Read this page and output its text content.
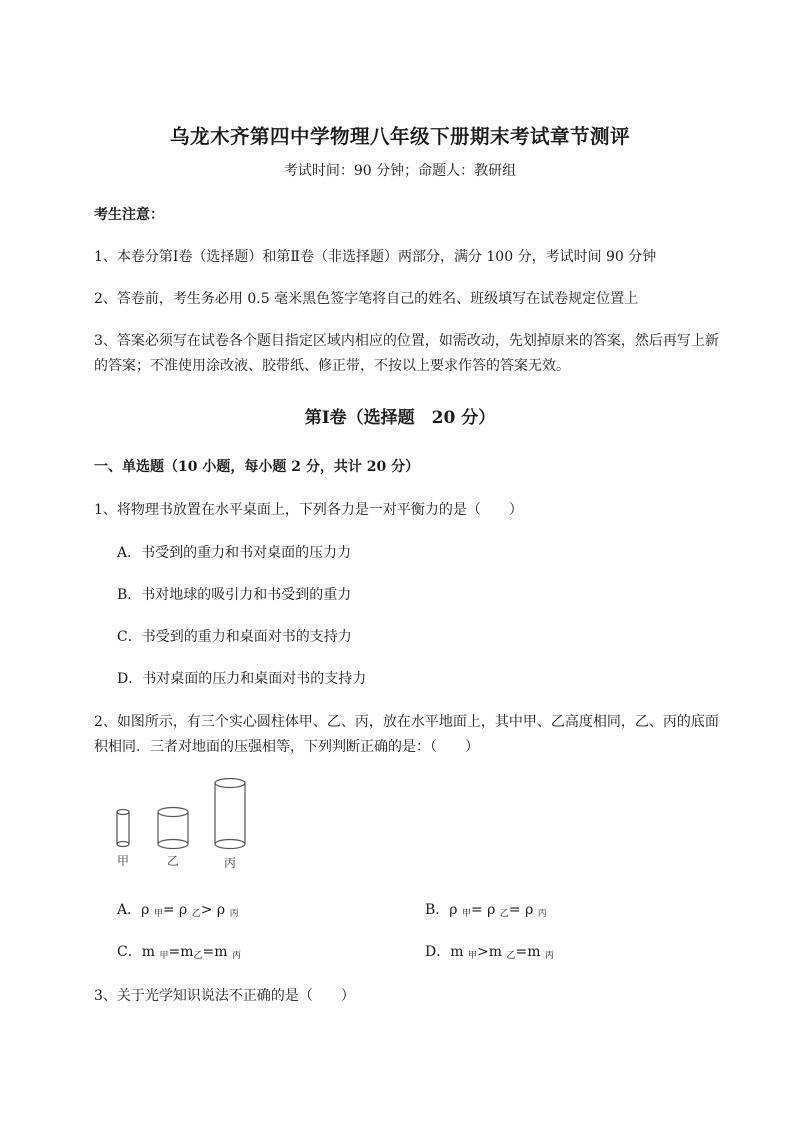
乌龙木齐第四中学物理八年级下册期末考试章节测评
考试时间：90 分钟；命题人：教研组
考生注意：
1、本卷分第Ⅰ卷（选择题）和第Ⅱ卷（非选择题）两部分，满分 100 分，考试时间 90 分钟
2、答卷前，考生务必用 0.5 毫米黑色签字笔将自己的姓名、班级填写在试卷规定位置上
3、答案必须写在试卷各个题目指定区域内相应的位置，如需改动，先划掉原来的答案，然后再写上新
的答案；不准使用涂改液、胶带纸、修正带，不按以上要求作答的答案无效。
第Ⅰ卷（选择题　20 分）
一、单选题（10 小题，每小题 2 分，共计 20 分）
1、将物理书放置在水平桌面上，下列各力是一对平衡力的是（　　）
A．书受到的重力和书对桌面的压力力
B．书对地球的吸引力和书受到的重力
C．书受到的重力和桌面对书的支持力
D．书对桌面的压力和桌面对书的支持力
2、如图所示，有三个实心圆柱体甲、乙、丙，放在水平地面上，其中甲、乙高度相同，乙、丙的底面
积相同．三者对地面的压强相等，下列判断正确的是：（　　）
甲	乙	丙
A．ρ $_甲$= ρ $_乙$> ρ $_丙$	B．ρ $_甲$= ρ $_乙$= ρ $_丙$
C．m $_甲=m_乙=m$ $_丙$	D．m $_甲$>m $_乙$=m $_丙$
3、关于光学知识说法不正确的是（　　）
